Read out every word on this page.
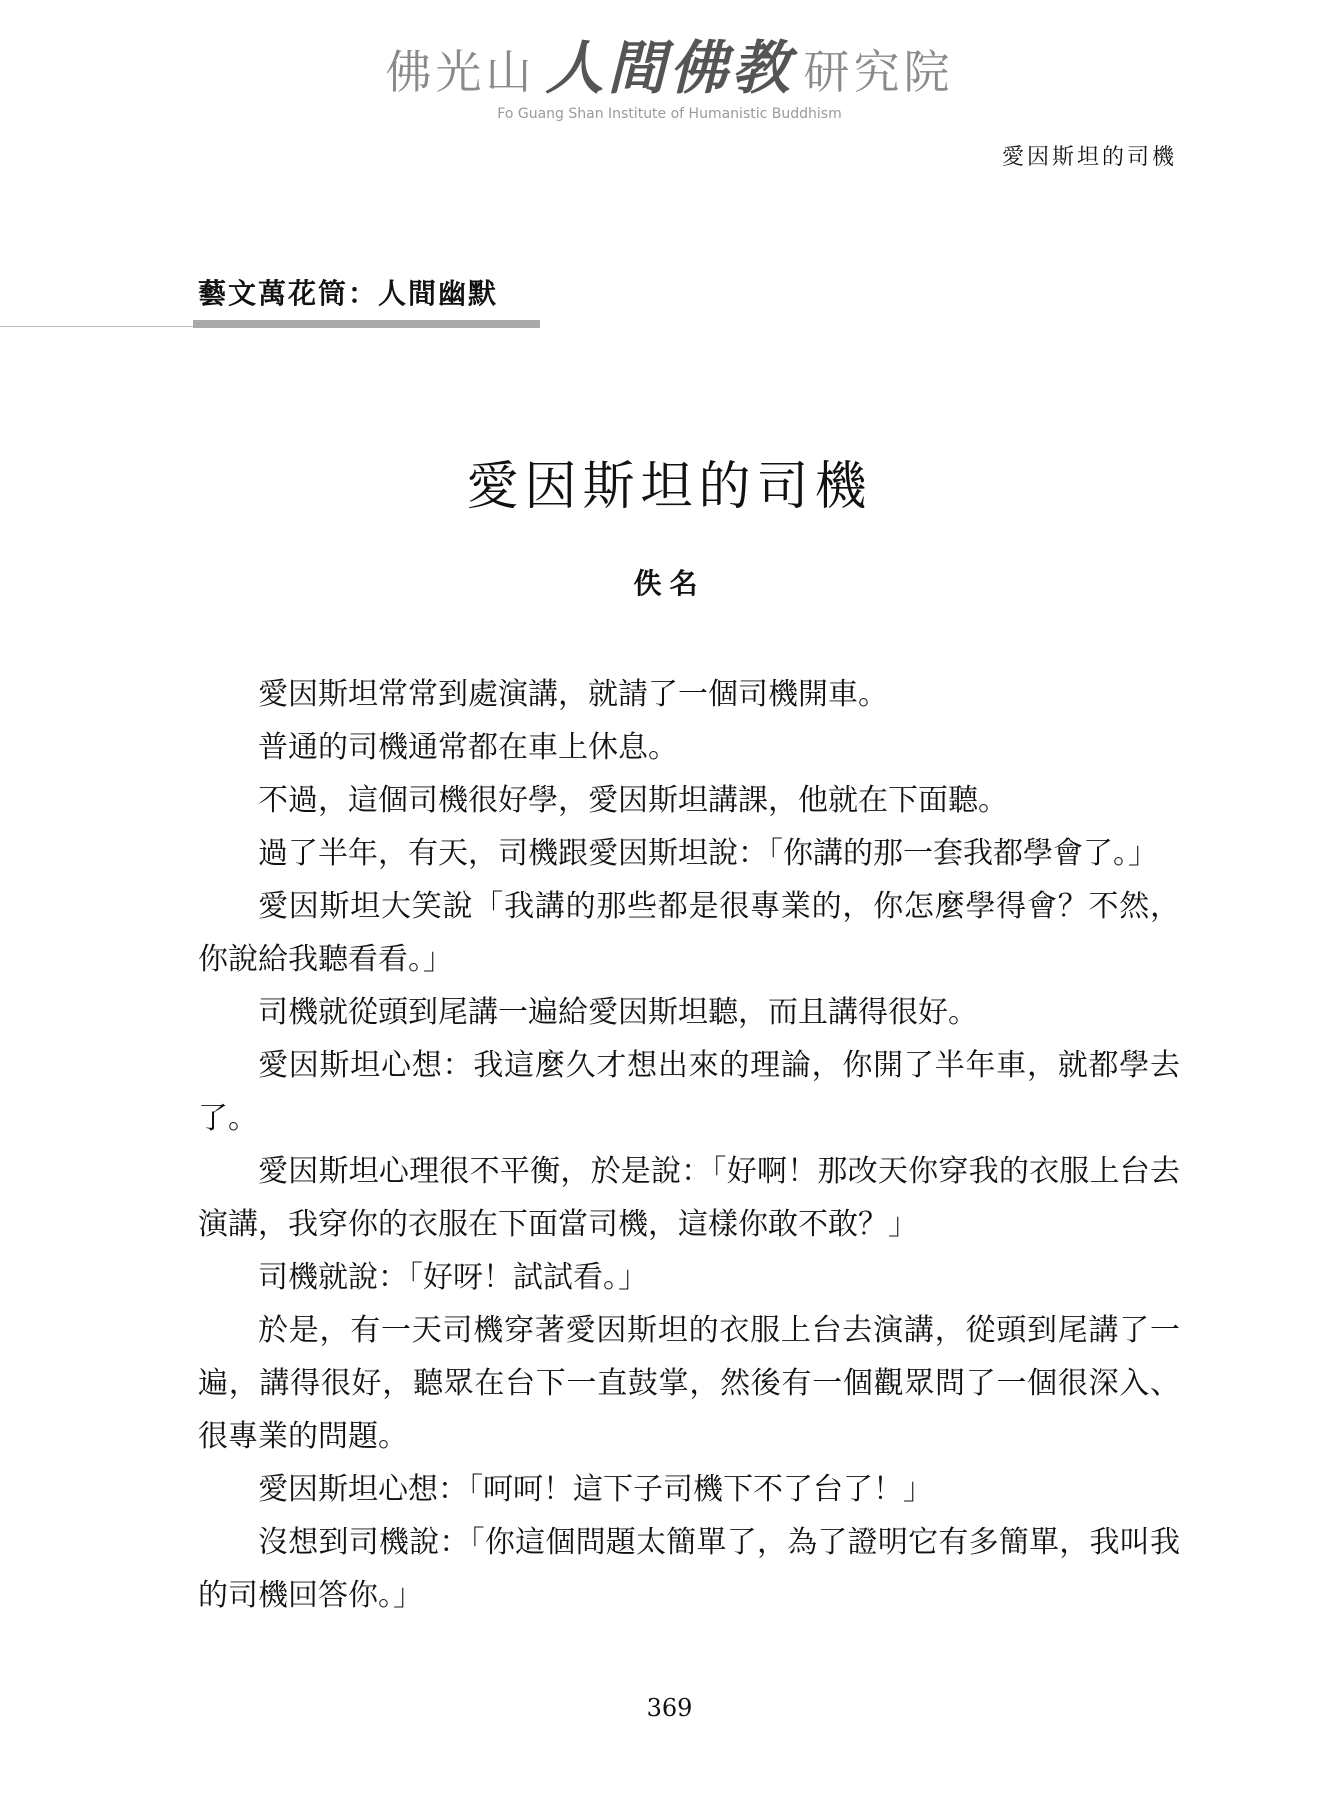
佛光山 人間佛教 研究院
Fo Guang Shan Institute of Humanistic Buddhism
愛因斯坦的司機
藝文萬花筒：人間幽默
愛因斯坦的司機
佚名

愛因斯坦常常到處演講，就請了一個司機開車。

普通的司機通常都在車上休息。

不過，這個司機很好學，愛因斯坦講課，他就在下面聽。

過了半年，有天，司機跟愛因斯坦說：「你講的那一套我都學會了。」

愛因斯坦大笑說「我講的那些都是很專業的，你怎麼學得會？不然，你說給我聽看看。」

司機就從頭到尾講一遍給愛因斯坦聽，而且講得很好。

愛因斯坦心想：我這麼久才想出來的理論，你開了半年車，就都學去了。

愛因斯坦心理很不平衡，於是說：「好啊！那改天你穿我的衣服上台去演講，我穿你的衣服在下面當司機，這樣你敢不敢？」

司機就說：「好呀！試試看。」

於是，有一天司機穿著愛因斯坦的衣服上台去演講，從頭到尾講了一遍，講得很好，聽眾在台下一直鼓掌，然後有一個觀眾問了一個很深入、很專業的問題。

愛因斯坦心想：「呵呵！這下子司機下不了台了！」

沒想到司機說：「你這個問題太簡單了，為了證明它有多簡單，我叫我的司機回答你。」

369
